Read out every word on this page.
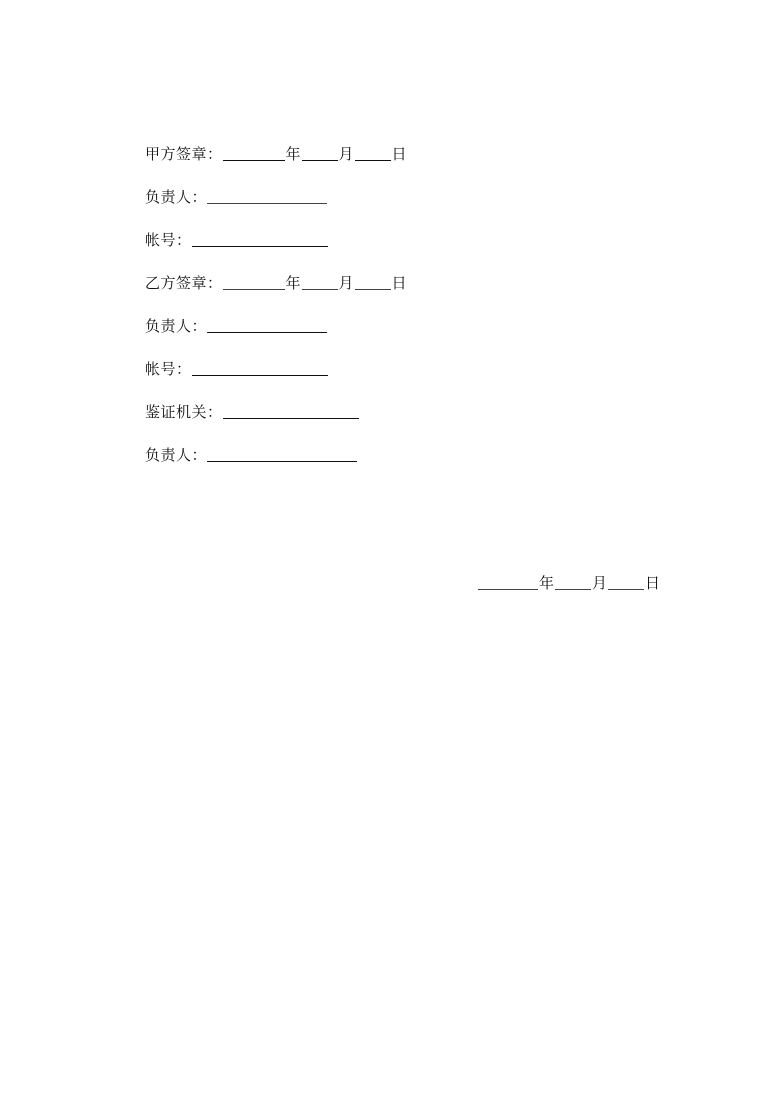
甲方签章：	年	月	日
负责人：
帐号：
乙方签章：	年	月	日
负责人：
帐号：
鉴证机关：
负责人：
年	月	日
